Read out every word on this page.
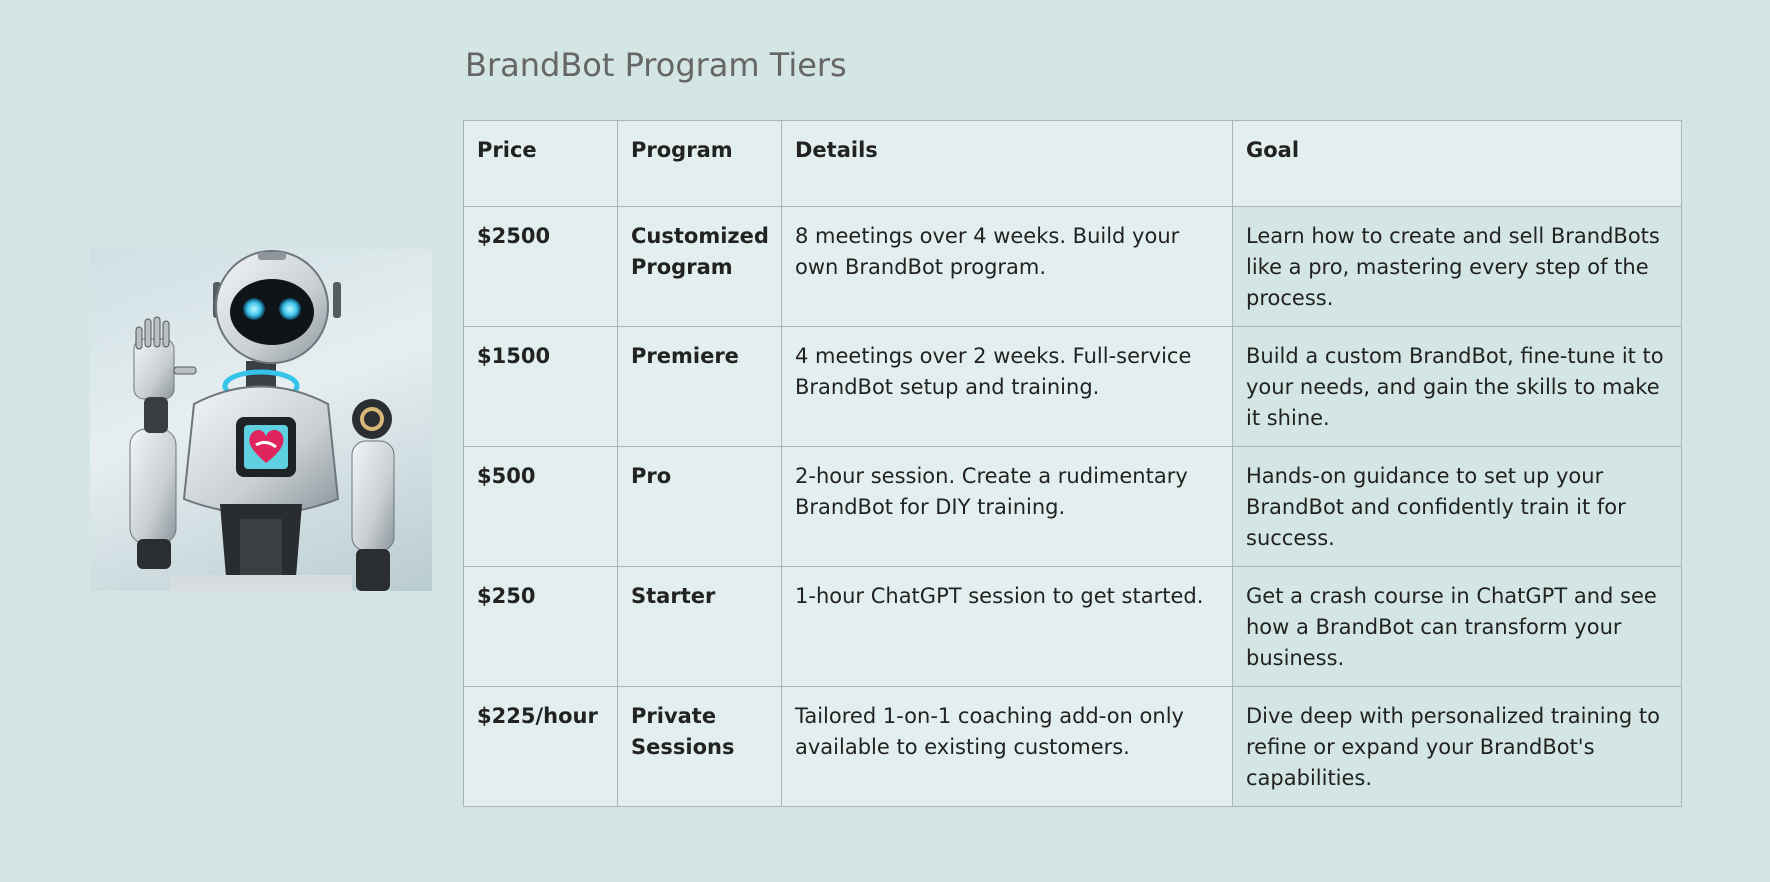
BrandBot Program Tiers
Price	Program	Details	Goal
$2500	Customized Program	8 meetings over 4 weeks. Build your own BrandBot program.	Learn how to create and sell BrandBots like a pro, mastering every step of the process.
$1500	Premiere	4 meetings over 2 weeks. Full-service BrandBot setup and training.	Build a custom BrandBot, fine-tune it to your needs, and gain the skills to make it shine.
$500	Pro	2-hour session. Create a rudimentary BrandBot for DIY training.	Hands-on guidance to set up your BrandBot and confidently train it for success.
$250	Starter	1-hour ChatGPT session to get started.	Get a crash course in ChatGPT and see how a BrandBot can transform your business.
$225/hour	Private Sessions	Tailored 1-on-1 coaching add-on only available to existing customers.	Dive deep with personalized training to refine or expand your BrandBot's capabilities.
